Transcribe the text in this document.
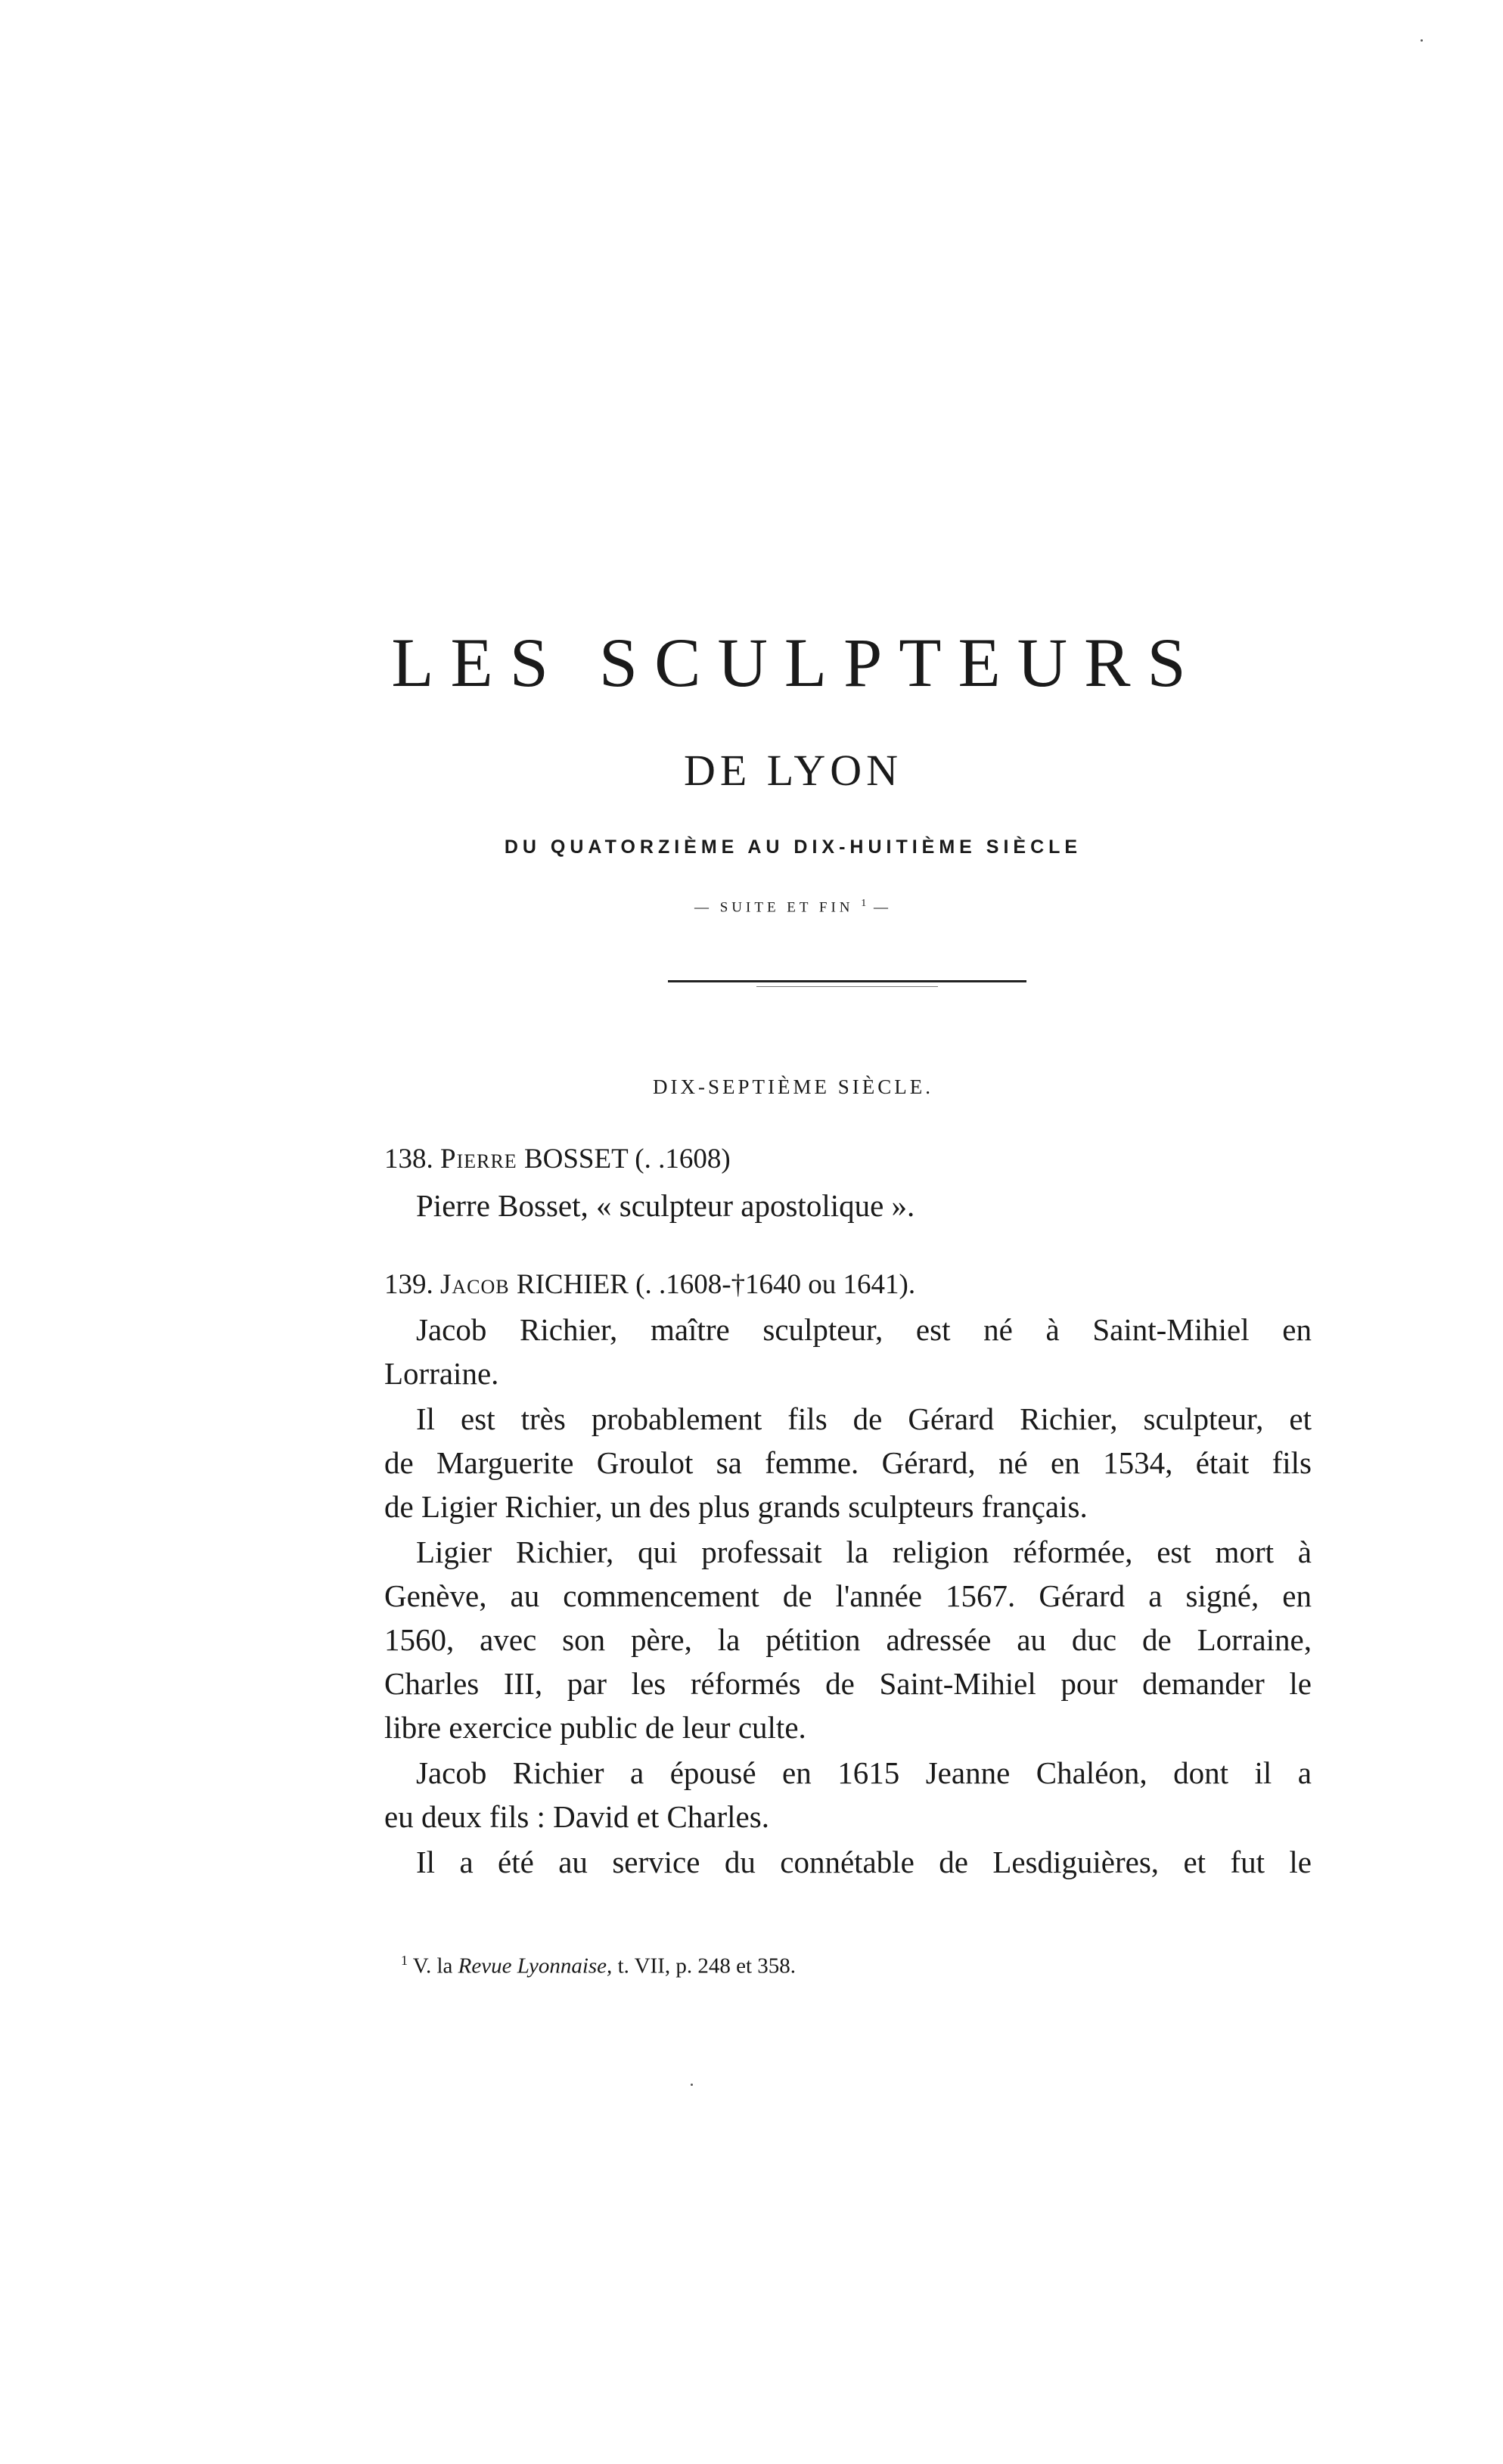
LES SCULPTEURS
DE LYON
DU QUATORZIÈME AU DIX-HUITIÈME SIÈCLE
— SUITE ET FIN $^1$ —
DIX-SEPTIÈME SIÈCLE.
138. Pierre BOSSET (. .1608)
Pierre Bosset, « sculpteur apostolique ».
139. Jacob RICHIER (. .1608-†1640 ou 1641).
Jacob Richier, maître sculpteur, est né à Saint-Mihiel en
Lorraine.
Il est très probablement fils de Gérard Richier, sculpteur, et
de Marguerite Groulot sa femme. Gérard, né en 1534, était fils
de Ligier Richier, un des plus grands sculpteurs français.
Ligier Richier, qui professait la religion réformée, est mort à
Genève, au commencement de l'année 1567. Gérard a signé, en
1560, avec son père, la pétition adressée au duc de Lorraine,
Charles III, par les réformés de Saint-Mihiel pour demander le
libre exercice public de leur culte.
Jacob Richier a épousé en 1615 Jeanne Chaléon, dont il a
eu deux fils : David et Charles.
Il a été au service du connétable de Lesdiguières, et fut le
$^1$ V. la Revue Lyonnaise, t. VII, p. 248 et 358.
